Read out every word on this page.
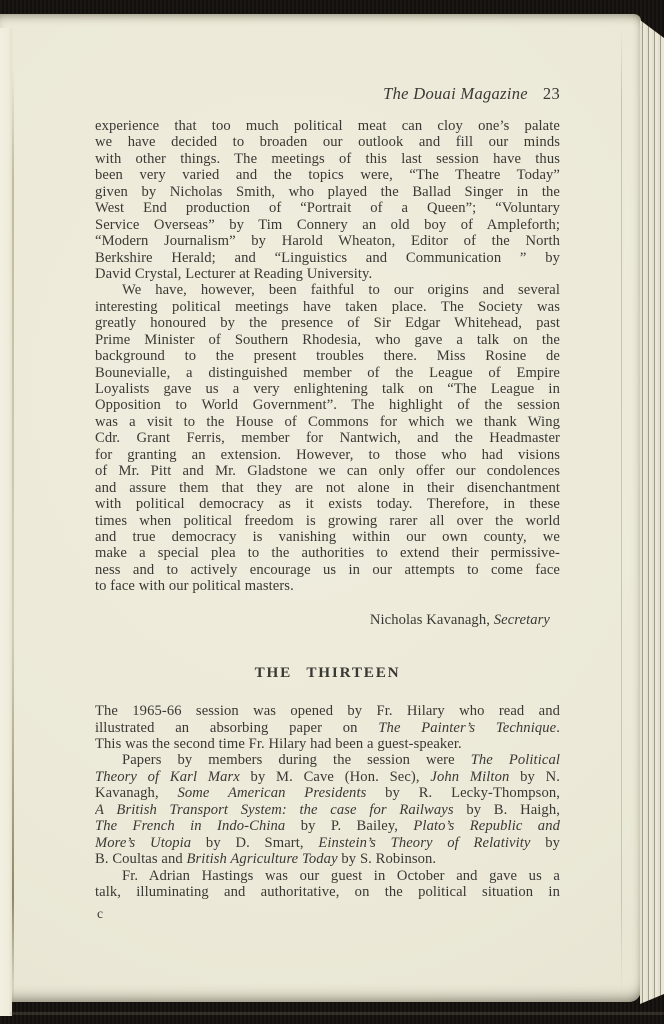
The Douai Magazine 23
experience that too much political meat can cloy one’s palate
we have decided to broaden our outlook and fill our minds
with other things. The meetings of this last session have thus
been very varied and the topics were, “The Theatre Today”
given by Nicholas Smith, who played the Ballad Singer in the
West End production of “Portrait of a Queen”; “Voluntary
Service Overseas” by Tim Connery an old boy of Ampleforth;
“Modern Journalism” by Harold Wheaton, Editor of the North
Berkshire Herald; and “Linguistics and Communication ” by
David Crystal, Lecturer at Reading University.
We have, however, been faithful to our origins and several
interesting political meetings have taken place. The Society was
greatly honoured by the presence of Sir Edgar Whitehead, past
Prime Minister of Southern Rhodesia, who gave a talk on the
background to the present troubles there. Miss Rosine de
Bounevialle, a distinguished member of the League of Empire
Loyalists gave us a very enlightening talk on “The League in
Opposition to World Government”. The highlight of the session
was a visit to the House of Commons for which we thank Wing
Cdr. Grant Ferris, member for Nantwich, and the Headmaster
for granting an extension. However, to those who had visions
of Mr. Pitt and Mr. Gladstone we can only offer our condolences
and assure them that they are not alone in their disenchantment
with political democracy as it exists today. Therefore, in these
times when political freedom is growing rarer all over the world
and true democracy is vanishing within our own county, we
make a special plea to the authorities to extend their permissive-
ness and to actively encourage us in our attempts to come face
to face with our political masters.
Nicholas Kavanagh, Secretary
THE THIRTEEN
The 1965-66 session was opened by Fr. Hilary who read and
illustrated an absorbing paper on The Painter’s Technique.
This was the second time Fr. Hilary had been a guest-speaker.
Papers by members during the session were The Political
Theory of Karl Marx by M. Cave (Hon. Sec), John Milton by N.
Kavanagh, Some American Presidents by R. Lecky-Thompson,
A British Transport System: the case for Railways by B. Haigh,
The French in Indo-China by P. Bailey, Plato’s Republic and
More’s Utopia by D. Smart, Einstein’s Theory of Relativity by
B. Coultas and British Agriculture Today by S. Robinson.
Fr. Adrian Hastings was our guest in October and gave us a
talk, illuminating and authoritative, on the political situation in
c
